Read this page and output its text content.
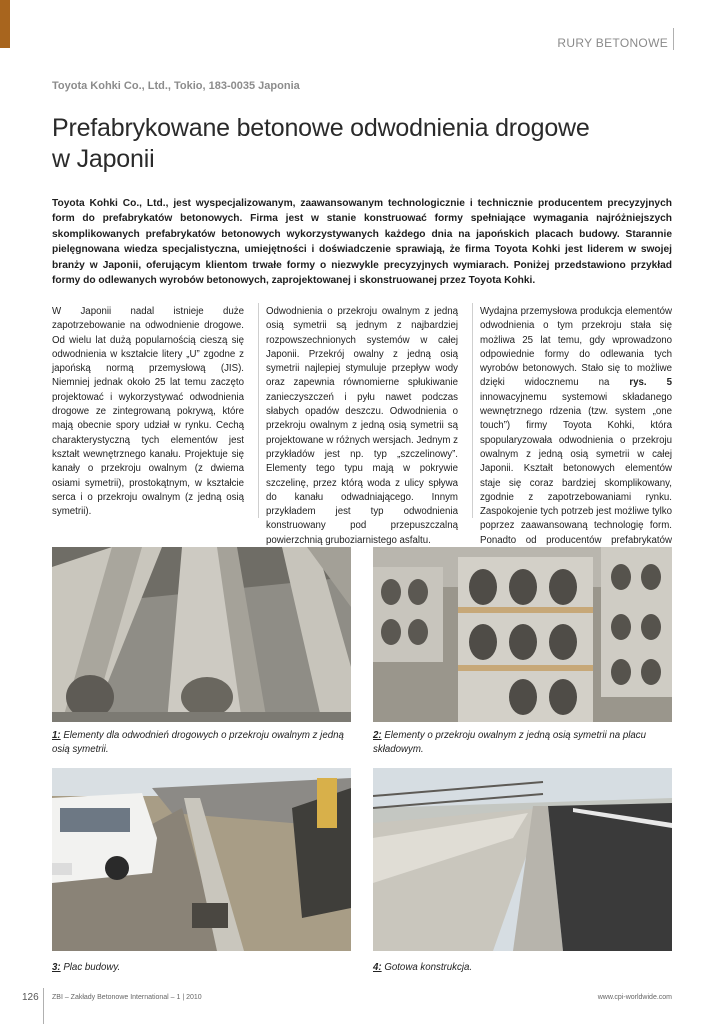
RURY BETONOWE
Toyota Kohki Co., Ltd., Tokio, 183-0035 Japonia
Prefabrykowane betonowe odwodnienia drogowe
w Japonii

Toyota Kohki Co., Ltd., jest wyspecjalizowanym, zaawansowanym technologicznie i technicznie producentem precyzyjnych form do prefabrykatów betonowych. Firma jest w stanie konstruować formy spełniające wymagania najróżniejszych skomplikowanych prefabrykatów betonowych wykorzystywanych każdego dnia na japońskich placach budowy. Starannie pielęgnowana wiedza specjalistyczna, umiejętności i doświadczenie sprawiają, że firma Toyota Kohki jest liderem w swojej branży w Japonii, oferującym klientom trwałe formy o niezwykle precyzyjnych wymiarach. Poniżej przedstawiono przykład formy do odlewanych wyrobów betonowych, zaprojektowanej i skonstruowanej przez Toyota Kohki.

W Japonii nadal istnieje duże zapotrzebowanie na odwodnienie drogowe. Od wielu lat dużą popularnością cieszą się odwodnienia w kształcie litery „U” zgodne z japońską normą przemysłową (JIS). Niemniej jednak około 25 lat temu zaczęto projektować i wykorzystywać odwodnienia drogowe ze zintegrowaną pokrywą, które mają obecnie spory udział w rynku. Cechą charakterystyczną tych elementów jest kształt wewnętrznego kanału. Projektuje się kanały o przekroju owalnym (z dwiema osiami symetrii), prostokątnym, w kształcie serca i o przekroju owalnym (z jedną osią symetrii).

Odwodnienia o przekroju owalnym z jedną osią symetrii są jednym z najbardziej rozpowszechnionych systemów w całej Japonii. Przekrój owalny z jedną osią symetrii najlepiej stymuluje przepływ wody oraz zapewnia równomierne spłukiwanie zanieczyszczeń i pyłu nawet podczas słabych opadów deszczu. Odwodnienia o przekroju owalnym z jedną osią symetrii są projektowane w różnych wersjach. Jednym z przykładów jest np. typ „szczelinowy”. Elementy tego typu mają w pokrywie szczelinę, przez którą woda z ulicy spływa do kanału odwadniającego. Innym przykładem jest typ odwodnienia konstruowany pod przepuszczalną powierzchnią gruboziarnistego asfaltu.

Wydajna przemysłowa produkcja elementów odwodnienia o tym przekroju stała się możliwa 25 lat temu, gdy wprowadzono odpowiednie formy do odlewania tych wyrobów betonowych. Stało się to możliwe dzięki widocznemu na rys. 5 innowacyjnemu systemowi składanego wewnętrznego rdzenia (tzw. system „one touch”) firmy Toyota Kohki, która spopularyzowała odwodnienia o przekroju owalnym z jedną osią symetrii w całej Japonii. Kształt betonowych elementów staje się coraz bardziej skomplikowany, zgodnie z zapotrzebowaniami rynku. Zaspokojenie tych potrzeb jest możliwe tylko poprzez zaawansowaną technologię form. Ponadto od producentów prefabrykatów

1: Elementy dla odwodnień drogowych o przekroju owalnym z jedną osią symetrii.
2: Elementy o przekroju owalnym z jedną osią symetrii na placu składowym.
3: Plac budowy.	4: Gotowa konstrukcja.
126 ZBI – Zakłady Betonowe International – 1 | 2010	www.cpi-worldwide.com
